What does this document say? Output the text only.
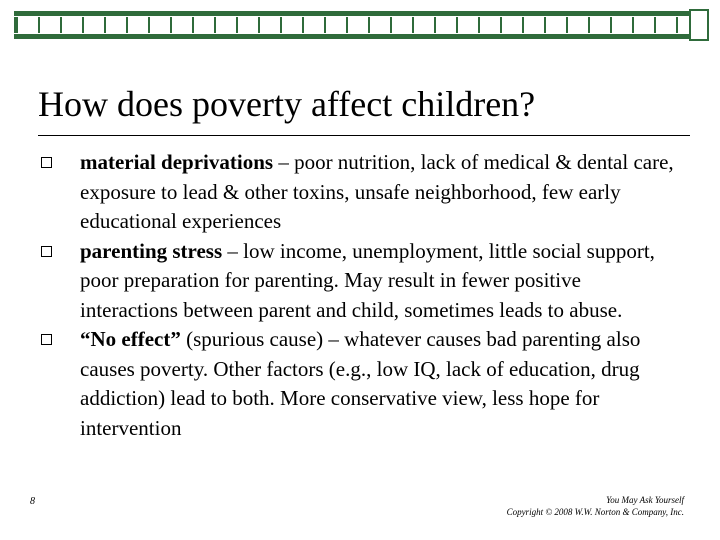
How does poverty affect children?
material deprivations – poor nutrition, lack of medical & dental care, exposure to lead & other toxins, unsafe neighborhood, few early educational experiences
parenting stress – low income, unemployment, little social support, poor preparation for parenting. May result in fewer positive interactions between parent and child, sometimes leads to abuse.
“No effect” (spurious cause) – whatever causes bad parenting also causes poverty. Other factors (e.g., low IQ, lack of education, drug addiction) lead to both. More conservative view, less hope for intervention
8	You May Ask Yourself
Copyright © 2008 W.W. Norton & Company, Inc.
